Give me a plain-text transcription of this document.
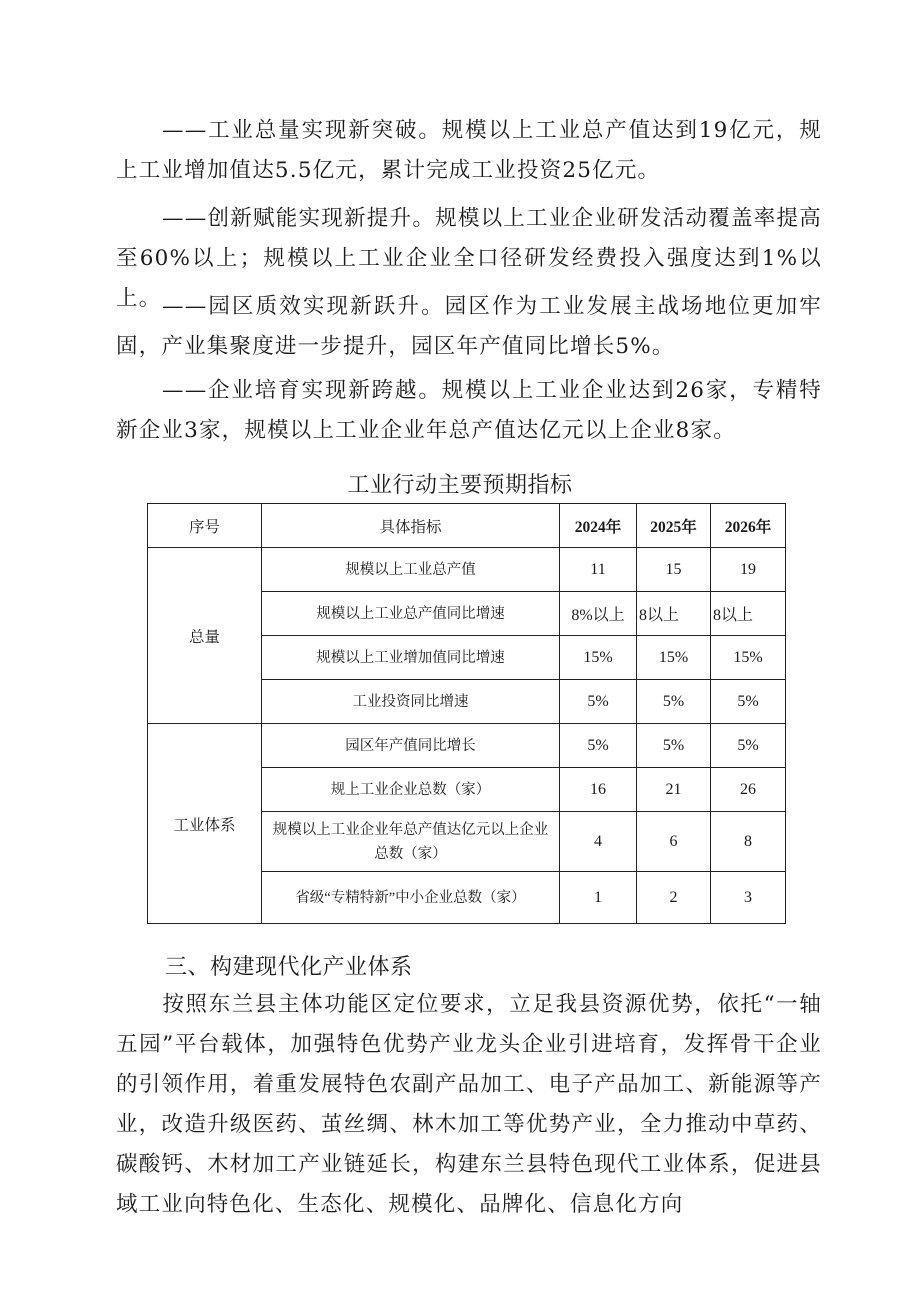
——工业总量实现新突破。规模以上工业总产值达到19亿元，规上工业增加值达5.5亿元，累计完成工业投资25亿元。

——创新赋能实现新提升。规模以上工业企业研发活动覆盖率提高至60%以上；规模以上工业企业全口径研发经费投入强度达到1%以上。 ——园区质效实现新跃升。园区作为工业发展主战场地位更加牢固，产业集聚度进一步提升，园区年产值同比增长5%。

——企业培育实现新跨越。规模以上工业企业达到26家，专精特新企业3家，规模以上工业企业年总产值达亿元以上企业8家。

工业行动主要预期指标
序号	具体指标	2024年	2025年	2026年
总量	规模以上工业总产值	11	15	19
	规模以上工业总产值同比增速	8%以上	8以上	8以上
	规模以上工业增加值同比增速	15%	15%	15%
	工业投资同比增速	5%	5%	5%
工业体系	园区年产值同比增长	5%	5%	5%
	规上工业企业总数（家）	16	21	26
	规模以上工业企业年总产值达亿元以上企业总数（家）	4	6	8
	省级“专精特新”中小企业总数（家）	1	2	3
三、构建现代化产业体系

按照东兰县主体功能区定位要求，立足我县资源优势，依托“一轴五园”平台载体，加强特色优势产业龙头企业引进培育，发挥骨干企业的引领作用，着重发展特色农副产品加工、电子产品加工、新能源等产业，改造升级医药、茧丝绸、林木加工等优势产业，全力推动中草药、碳酸钙、木材加工产业链延长，构建东兰县特色现代工业体系，促进县域工业向特色化、生态化、规模化、品牌化、信息化方向
